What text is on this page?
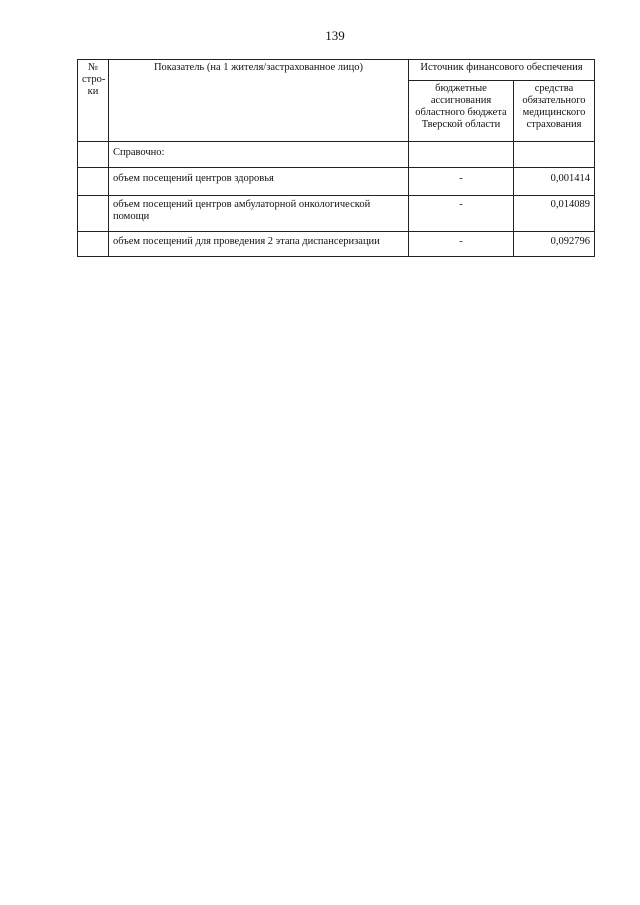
139
№ стро-ки	Показатель (на 1 жителя/застрахованное лицо)	Источник финансового обеспечения	
		бюджетные ассигнования областного бюджета Тверской области	средства обязательного медицинского страхования
	Справочно:		
	объем посещений центров здоровья	-	0,001414
	объем посещений центров амбулаторной онкологической помощи	-	0,014089
	объем посещений для проведения 2 этапа диспансеризации	-	0,092796
